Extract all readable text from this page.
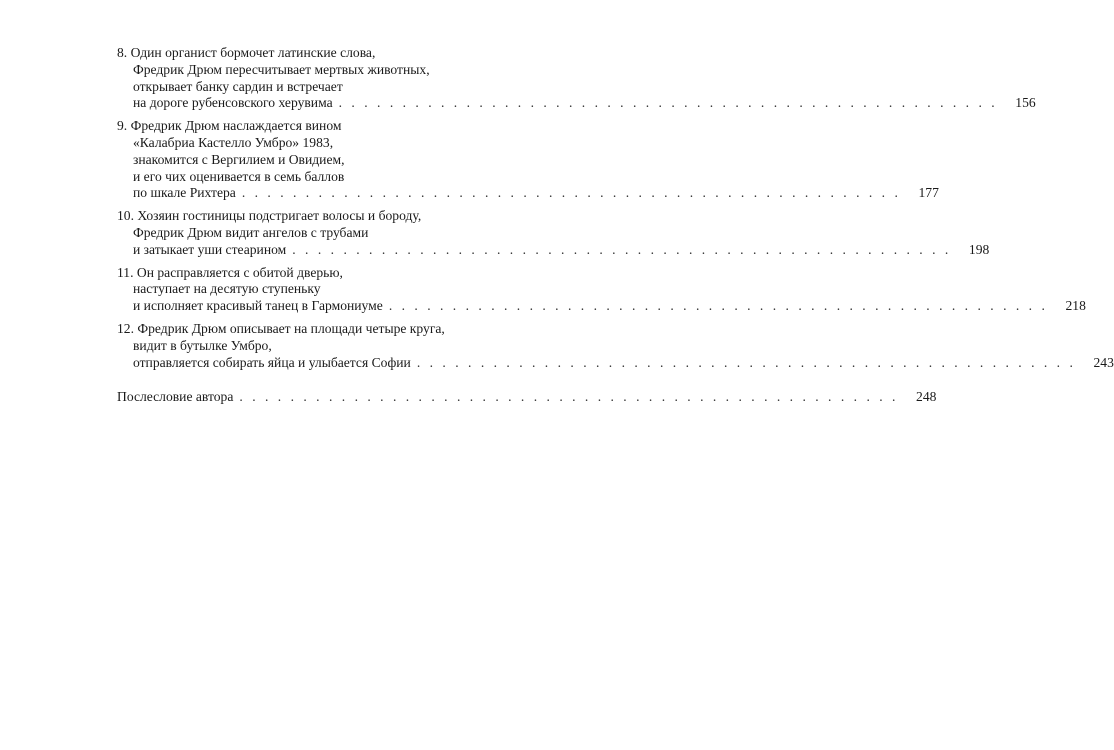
8. Один органист бормочет латинские слова,
Фредрик Дрюм пересчитывает мертвых животных,
открывает банку сардин и встречает
на дороге рубенсовского херувима . . . . . . . . . . . . . . . . . . . . . . . . . . . . . . . . . . . . . . . . . . . . . . . . . . . .	156
9. Фредрик Дрюм наслаждается вином
«Калабриа Кастелло Умбро» 1983,
знакомится с Вергилием и Овидием,
и его чих оценивается в семь баллов
по шкале Рихтера . . . . . . . . . . . . . . . . . . . . . . . . . . . . . . . . . . . . . . . . . . . . . . . . . . . .	177
10. Хозяин гостиницы подстригает волосы и бороду,
Фредрик Дрюм видит ангелов с трубами
и затыкает уши стеарином . . . . . . . . . . . . . . . . . . . . . . . . . . . . . . . . . . . . . . . . . . . . . . . . . . . .	198
11. Он расправляется с обитой дверью,
наступает на десятую ступеньку
и исполняет красивый танец в Гармониуме . . . . . . . . . . . . . . . . . . . . . . . . . . . . . . . . . . . . . . . . . . . . . . . . . . . .	218
12. Фредрик Дрюм описывает на площади четыре круга,
видит в бутылке Умбро,
отправляется собирать яйца и улыбается Софии . . . . . . . . . . . . . . . . . . . . . . . . . . . . . . . . . . . . . . . . . . . . . . . . . . . .	243
Послесловие автора . . . . . . . . . . . . . . . . . . . . . . . . . . . . . . . . . . . . . . . . . . . . . . . . . . . .	248
